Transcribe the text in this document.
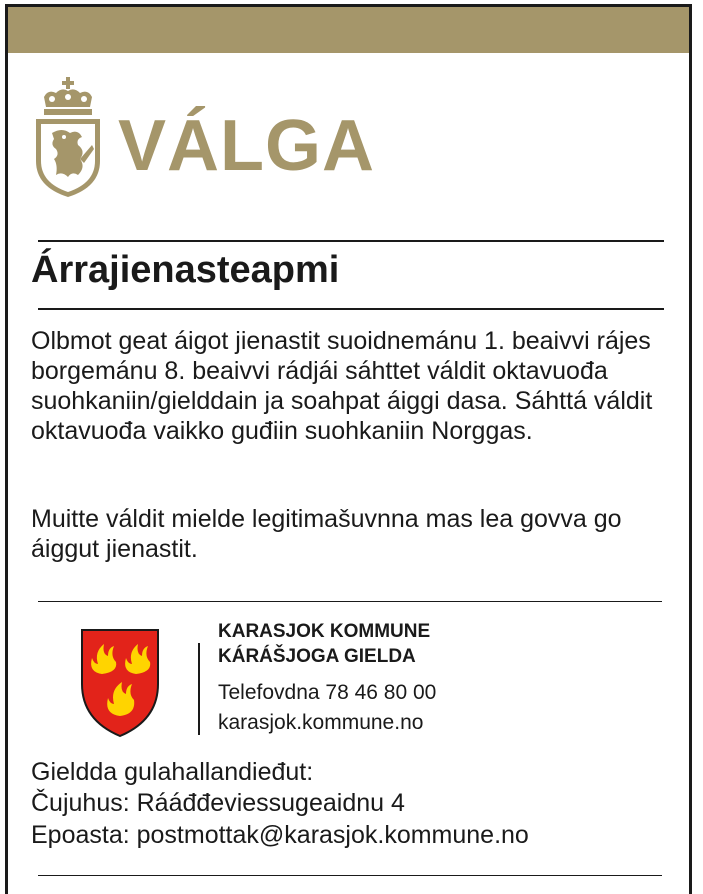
VÁLGA
Árrajienasteapmi

Olbmot geat áigot jienastit suoidnemánu 1. beaivvi rájes borgemánu 8. beaivvi rádjái sáhttet váldit oktavuođa suohkaniin/gielddain ja soahpat áiggi dasa. Sáhttá váldit oktavuođa vaikko guđiin suohkaniin Norggas.

Muitte váldit mielde legitimašuvnna mas lea govva go áiggut jienastit.

KARASJOK KOMMUNE
KÁRÁŠJOGA GIELDA
Telefovdna 78 46 80 00
karasjok.kommune.no
Gieldda gulahallandieđut:
Čujuhus: Rááđđeviessugeaidnu 4
Epoasta: postmottak@karasjok.kommune.no
